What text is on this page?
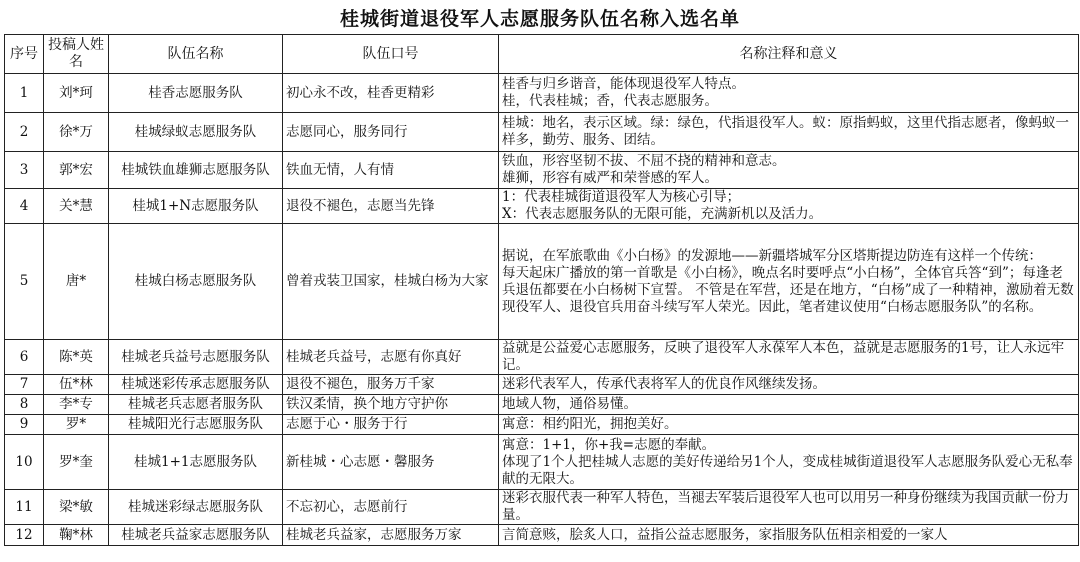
桂城街道退役军人志愿服务队伍名称入选名单
序号	投稿人姓名	队伍名称	队伍口号	名称注释和意义
1	刘*珂	桂香志愿服务队	初心永不改，桂香更精彩	桂香与归乡谐音，能体现退役军人特点。
桂，代表桂城；香，代表志愿服务。

2	徐*万	桂城绿蚁志愿服务队	志愿同心，服务同行	桂城：地名，表示区域。绿：绿色，代指退役军人。蚁：原指蚂蚁，这里代指志愿者，像蚂蚁一样多，勤劳、服务、团结。

3	郭*宏	桂城铁血雄狮志愿服务队	铁血无情，人有情	铁血，形容坚韧不拔、不屈不挠的精神和意志。
雄狮，形容有威严和荣誉感的军人。

4	关*慧	桂城1+N志愿服务队	退役不褪色，志愿当先锋	1：代表桂城街道退役军人为核心引导；
X：代表志愿服务队的无限可能，充满新机以及活力。

5	唐*	桂城白杨志愿服务队	曾着戎装卫国家，桂城白杨为大家	据说，在军旅歌曲《小白杨》的发源地——新疆塔城军分区塔斯提边防连有这样一个传统：
每天起床广播放的第一首歌是《小白杨》，晚点名时要呼点“小白杨”，全体官兵答“到”；每逢老兵退伍都要在小白杨树下宣誓。 不管是在军营，还是在地方，“白杨”成了一种精神，激励着无数现役军人、退役官兵用奋斗续写军人荣光。因此，笔者建议使用“白杨志愿服务队”的名称。

6	陈*英	桂城老兵益号志愿服务队	桂城老兵益号，志愿有你真好	益就是公益爱心志愿服务，反映了退役军人永葆军人本色，益就是志愿服务的1号，让人永远牢记。

7	伍*林	桂城迷彩传承志愿服务队	退役不褪色，服务万千家	迷彩代表军人，传承代表将军人的优良作风继续发扬。

8	李*专	桂城老兵志愿者服务队	铁汉柔情，换个地方守护你	地域人物，通俗易懂。

9	罗*	桂城阳光行志愿服务队	志愿于心・服务于行	寓意：相约阳光，拥抱美好。

10	罗*奎	桂城1+1志愿服务队	新桂城・心志愿・馨服务	寓意：1+1，你+我=志愿的奉献。
体现了1个人把桂城人志愿的美好传递给另1个人，变成桂城街道退役军人志愿服务队爱心无私奉献的无限大。

11	梁*敏	桂城迷彩绿志愿服务队	不忘初心，志愿前行	迷彩衣服代表一种军人特色，当褪去军装后退役军人也可以用另一种身份继续为我国贡献一份力量。

12	鞠*林	桂城老兵益家志愿服务队	桂城老兵益家，志愿服务万家	言简意赅，脍炙人口，益指公益志愿服务，家指服务队伍相亲相爱的一家人
